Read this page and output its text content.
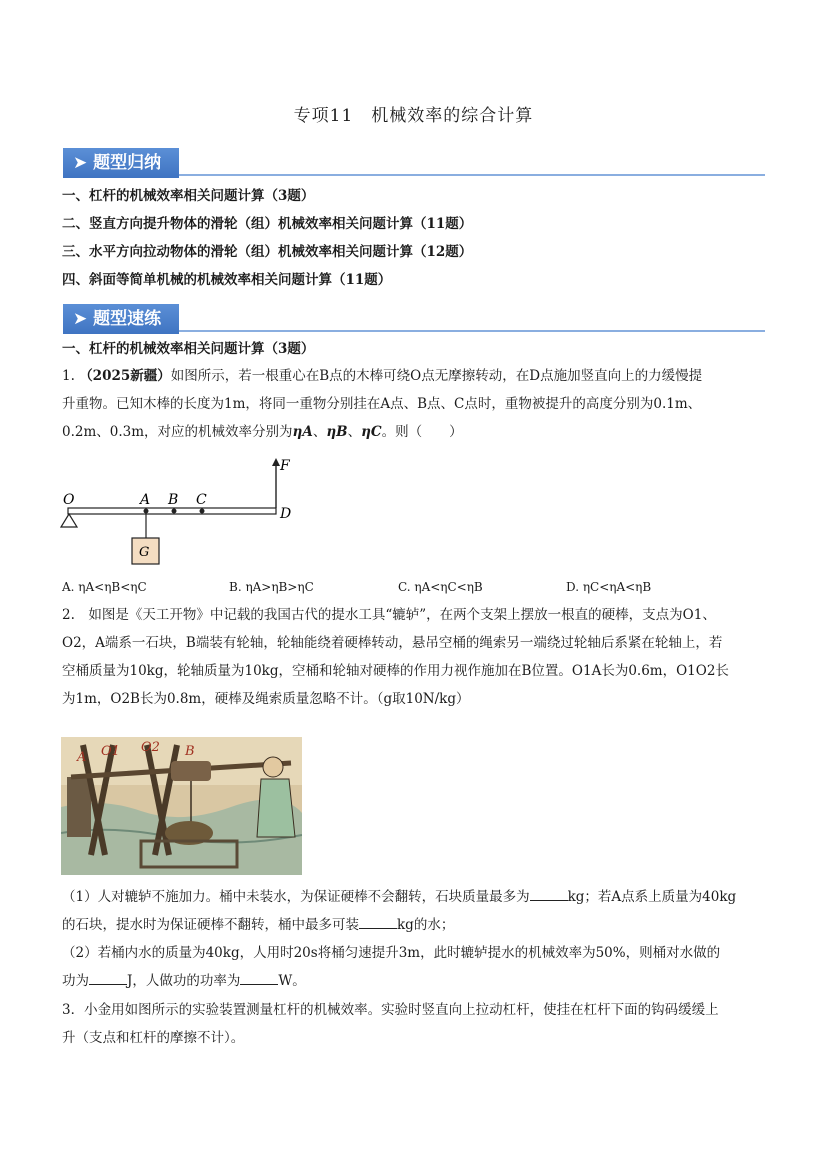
专项11　机械效率的综合计算
➤ 题型归纳
一、杠杆的机械效率相关问题计算（3题）
二、竖直方向提升物体的滑轮（组）机械效率相关问题计算（11题）
三、水平方向拉动物体的滑轮（组）机械效率相关问题计算（12题）
四、斜面等简单机械的机械效率相关问题计算（11题）
➤ 题型速练
一、杠杆的机械效率相关问题计算（3题）
1. （2025新疆）如图所示，若一根重心在B点的木棒可绕O点无摩擦转动，在D点施加竖直向上的力缓慢提
升重物。已知木棒的长度为1m，将同一重物分别挂在A点、B点、C点时，重物被提升的高度分别为0.1m、
0.2m、0.3m，对应的机械效率分别为ηA、ηB、ηC。则（　　）
O	A B C
D
F
G
A. ηA<ηB<ηC	B. ηA>ηB>ηC	C. ηA<ηC<ηB	D. ηC<ηA<ηB
2.　如图是《天工开物》中记载的我国古代的提水工具“辘轳”，在两个支架上摆放一根直的硬棒，支点为O1、
O2，A端系一石块，B端装有轮轴，轮轴能绕着硬棒转动，悬吊空桶的绳索另一端绕过轮轴后系紧在轮轴上，若
空桶质量为10kg，轮轴质量为10kg，空桶和轮轴对硬棒的作用力视作施加在B位置。O1A长为0.6m，O1O2长
为1m，O2B长为0.8m，硬棒及绳索质量忽略不计。（g取10N/kg）
A O1 O2 B
（1）人对辘轳不施加力。桶中未装水，为保证硬棒不会翻转，石块质量最多为	kg；若A点系上质量为40kg
的石块，提水时为保证硬棒不翻转，桶中最多可装	kg的水；
（2）若桶内水的质量为40kg，人用时20s将桶匀速提升3m，此时辘轳提水的机械效率为50%，则桶对水做的
功为	J，人做功的功率为	W。
3．小金用如图所示的实验装置测量杠杆的机械效率。实验时竖直向上拉动杠杆，使挂在杠杆下面的钩码缓缓上
升（支点和杠杆的摩擦不计）。
